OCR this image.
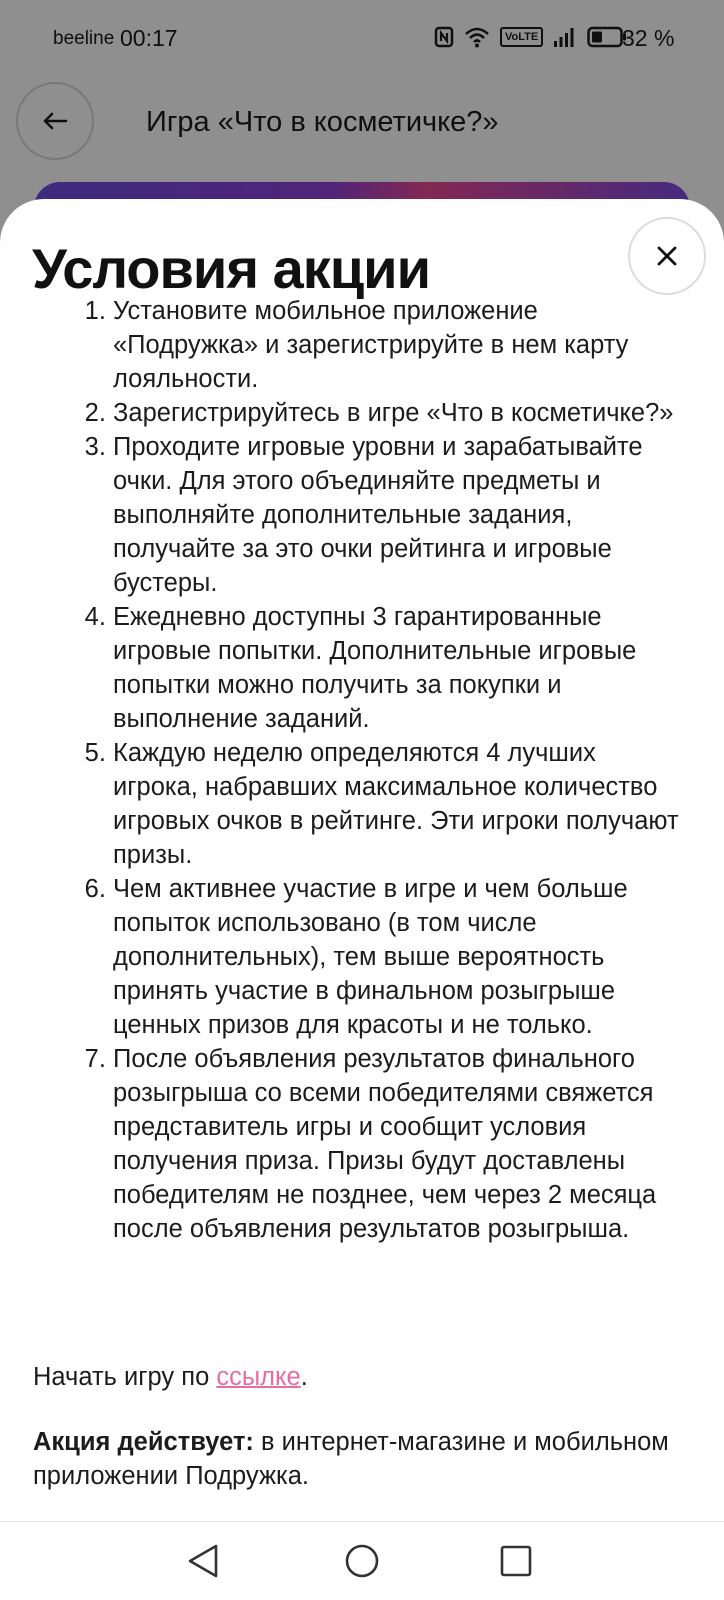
beeline 00:17	VoLTE	32 %
Игра «Что в косметичке?»
Условия акции
1. Установите мобильное приложение «Подружка» и зарегистрируйте в нем карту лояльности.
2. Зарегистрируйтесь в игре «Что в косметичке?»
3. Проходите игровые уровни и зарабатывайте очки. Для этого объединяйте предметы и выполняйте дополнительные задания, получайте за это очки рейтинга и игровые бустеры.
4. Ежедневно доступны 3 гарантированные игровые попытки. Дополнительные игровые попытки можно получить за покупки и выполнение заданий.
5. Каждую неделю определяются 4 лучших игрока, набравших максимальное количество игровых очков в рейтинге. Эти игроки получают призы.
6. Чем активнее участие в игре и чем больше попыток использовано (в том числе дополнительных), тем выше вероятность принять участие в финальном розыгрыше ценных призов для красоты и не только.
7. После объявления результатов финального розыгрыша со всеми победителями свяжется представитель игры и сообщит условия получения приза. Призы будут доставлены победителям не позднее, чем через 2 месяца после объявления результатов розыгрыша.

Начать игру по ссылке.

Акция действует: в интернет-магазине и мобильном приложении Подружка.
